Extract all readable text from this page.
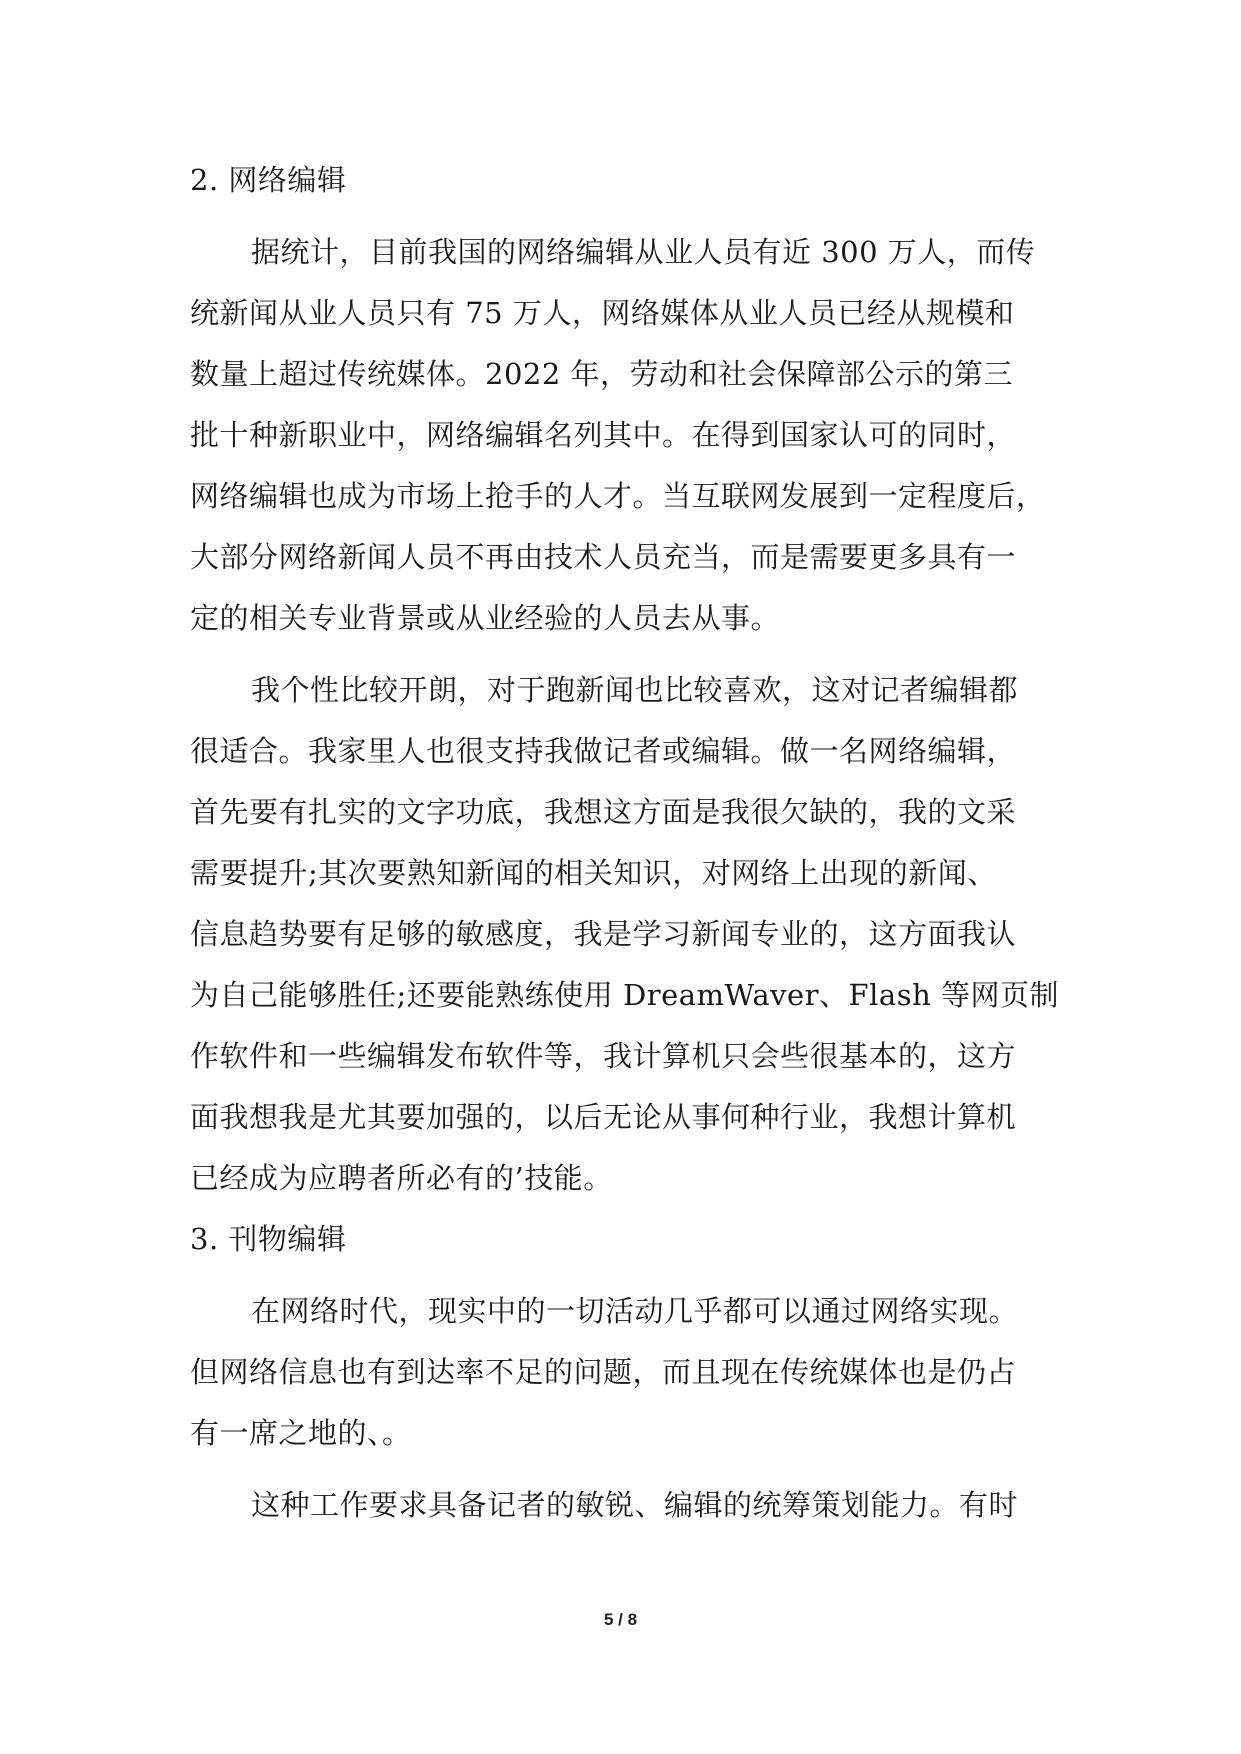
2. 网络编辑
据统计，目前我国的网络编辑从业人员有近 300 万人，而传
统新闻从业人员只有 75 万人，网络媒体从业人员已经从规模和
数量上超过传统媒体。2022 年，劳动和社会保障部公示的第三
批十种新职业中，网络编辑名列其中。在得到国家认可的同时，
网络编辑也成为市场上抢手的人才。当互联网发展到一定程度后，
大部分网络新闻人员不再由技术人员充当，而是需要更多具有一
定的相关专业背景或从业经验的人员去从事。
我个性比较开朗，对于跑新闻也比较喜欢，这对记者编辑都
很适合。我家里人也很支持我做记者或编辑。做一名网络编辑，
首先要有扎实的文字功底，我想这方面是我很欠缺的，我的文采
需要提升;其次要熟知新闻的相关知识，对网络上出现的新闻、
信息趋势要有足够的敏感度，我是学习新闻专业的，这方面我认
为自己能够胜任;还要能熟练使用 DreamWaver、Flash 等网页制
作软件和一些编辑发布软件等，我计算机只会些很基本的，这方
面我想我是尤其要加强的，以后无论从事何种行业，我想计算机
已经成为应聘者所必有的’技能。
3. 刊物编辑
在网络时代，现实中的一切活动几乎都可以通过网络实现。
但网络信息也有到达率不足的问题，而且现在传统媒体也是仍占
有一席之地的、。
这种工作要求具备记者的敏锐、编辑的统筹策划能力。有时
5 / 8
